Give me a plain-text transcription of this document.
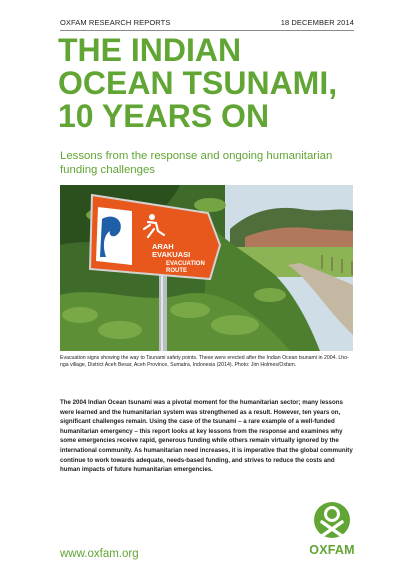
OXFAM RESEARCH REPORTS	18 DECEMBER 2014
THE INDIAN
OCEAN TSUNAMI,
10 YEARS ON
Lessons from the response and ongoing humanitarian funding challenges
ARAH
EVAKUASI
EVACUATION
ROUTE
Evacuation signs showing the way to Tsunami safety points. These were erected after the Indian Ocean tsunami in 2004. Lho-nga village, District Aceh Besar, Aceh Province, Sumatra, Indonesia (2014). Photo: Jim Holmes/Oxfam.
The 2004 Indian Ocean tsunami was a pivotal moment for the humanitarian sector; many lessons were learned and the humanitarian system was strengthened as a result. However, ten years on, significant challenges remain. Using the case of the tsunami – a rare example of a well-funded humanitarian emergency – this report looks at key lessons from the response and examines why some emergencies receive rapid, generous funding while others remain virtually ignored by the international community. As humanitarian need increases, it is imperative that the global community continue to work towards adequate, needs-based funding, and strives to reduce the costs and human impacts of future humanitarian emergencies.
www.oxfam.org	OXFAM
